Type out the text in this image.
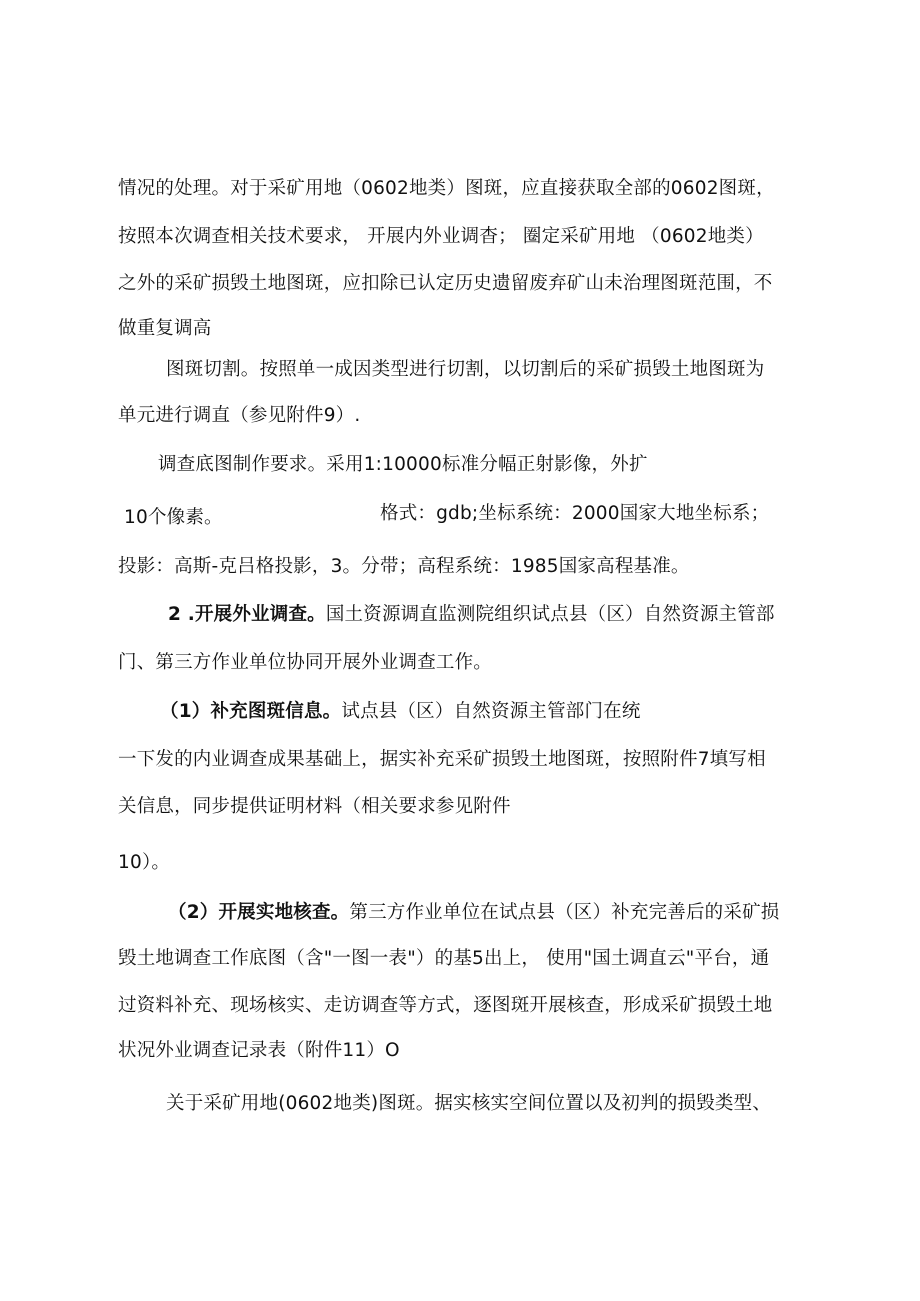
情况的处理。对于采矿用地（0602地类）图斑，应直接获取全部的0602图斑，
按照本次调查相关技术要求， 开展内外业调杳； 圈定采矿用地 （0602地类）
之外的采矿损毁土地图斑，应扣除已认定历史遗留废弃矿山未治理图斑范围，不
做重复调高
图斑切割。按照单一成因类型进行切割，以切割后的采矿损毁土地图斑为
单元进行调直（参见附件9）.
调查底图制作要求。采用1:10000标准分幅正射影像，外扩
10个像素。	格式：gdb;坐标系统：2000国家大地坐标系；
投影：高斯-克吕格投影，3。分带；高程系统：1985国家高程基准。
2 .开展外业调查。国土资源调直监测院组织试点县（区）自然资源主管部
门、第三方作业单位协同开展外业调查工作。
（1）补充图斑信息。试点县（区）自然资源主管部门在统
一下发的内业调查成果基础上，据实补充采矿损毁土地图斑，按照附件7填写相
关信息，同步提供证明材料（相关要求参见附件
10）。
（2）开展实地核查。第三方作业单位在试点县（区）补充完善后的采矿损
毁土地调查工作底图（含"一图一表"）的基5出上， 使用"国土调直云"平台，通
过资料补充、现场核实、走访调查等方式，逐图斑开展核查，形成采矿损毁土地
状况外业调查记录表（附件11）O
关于采矿用地(0602地类)图斑。据实核实空间位置以及初判的损毁类型、
